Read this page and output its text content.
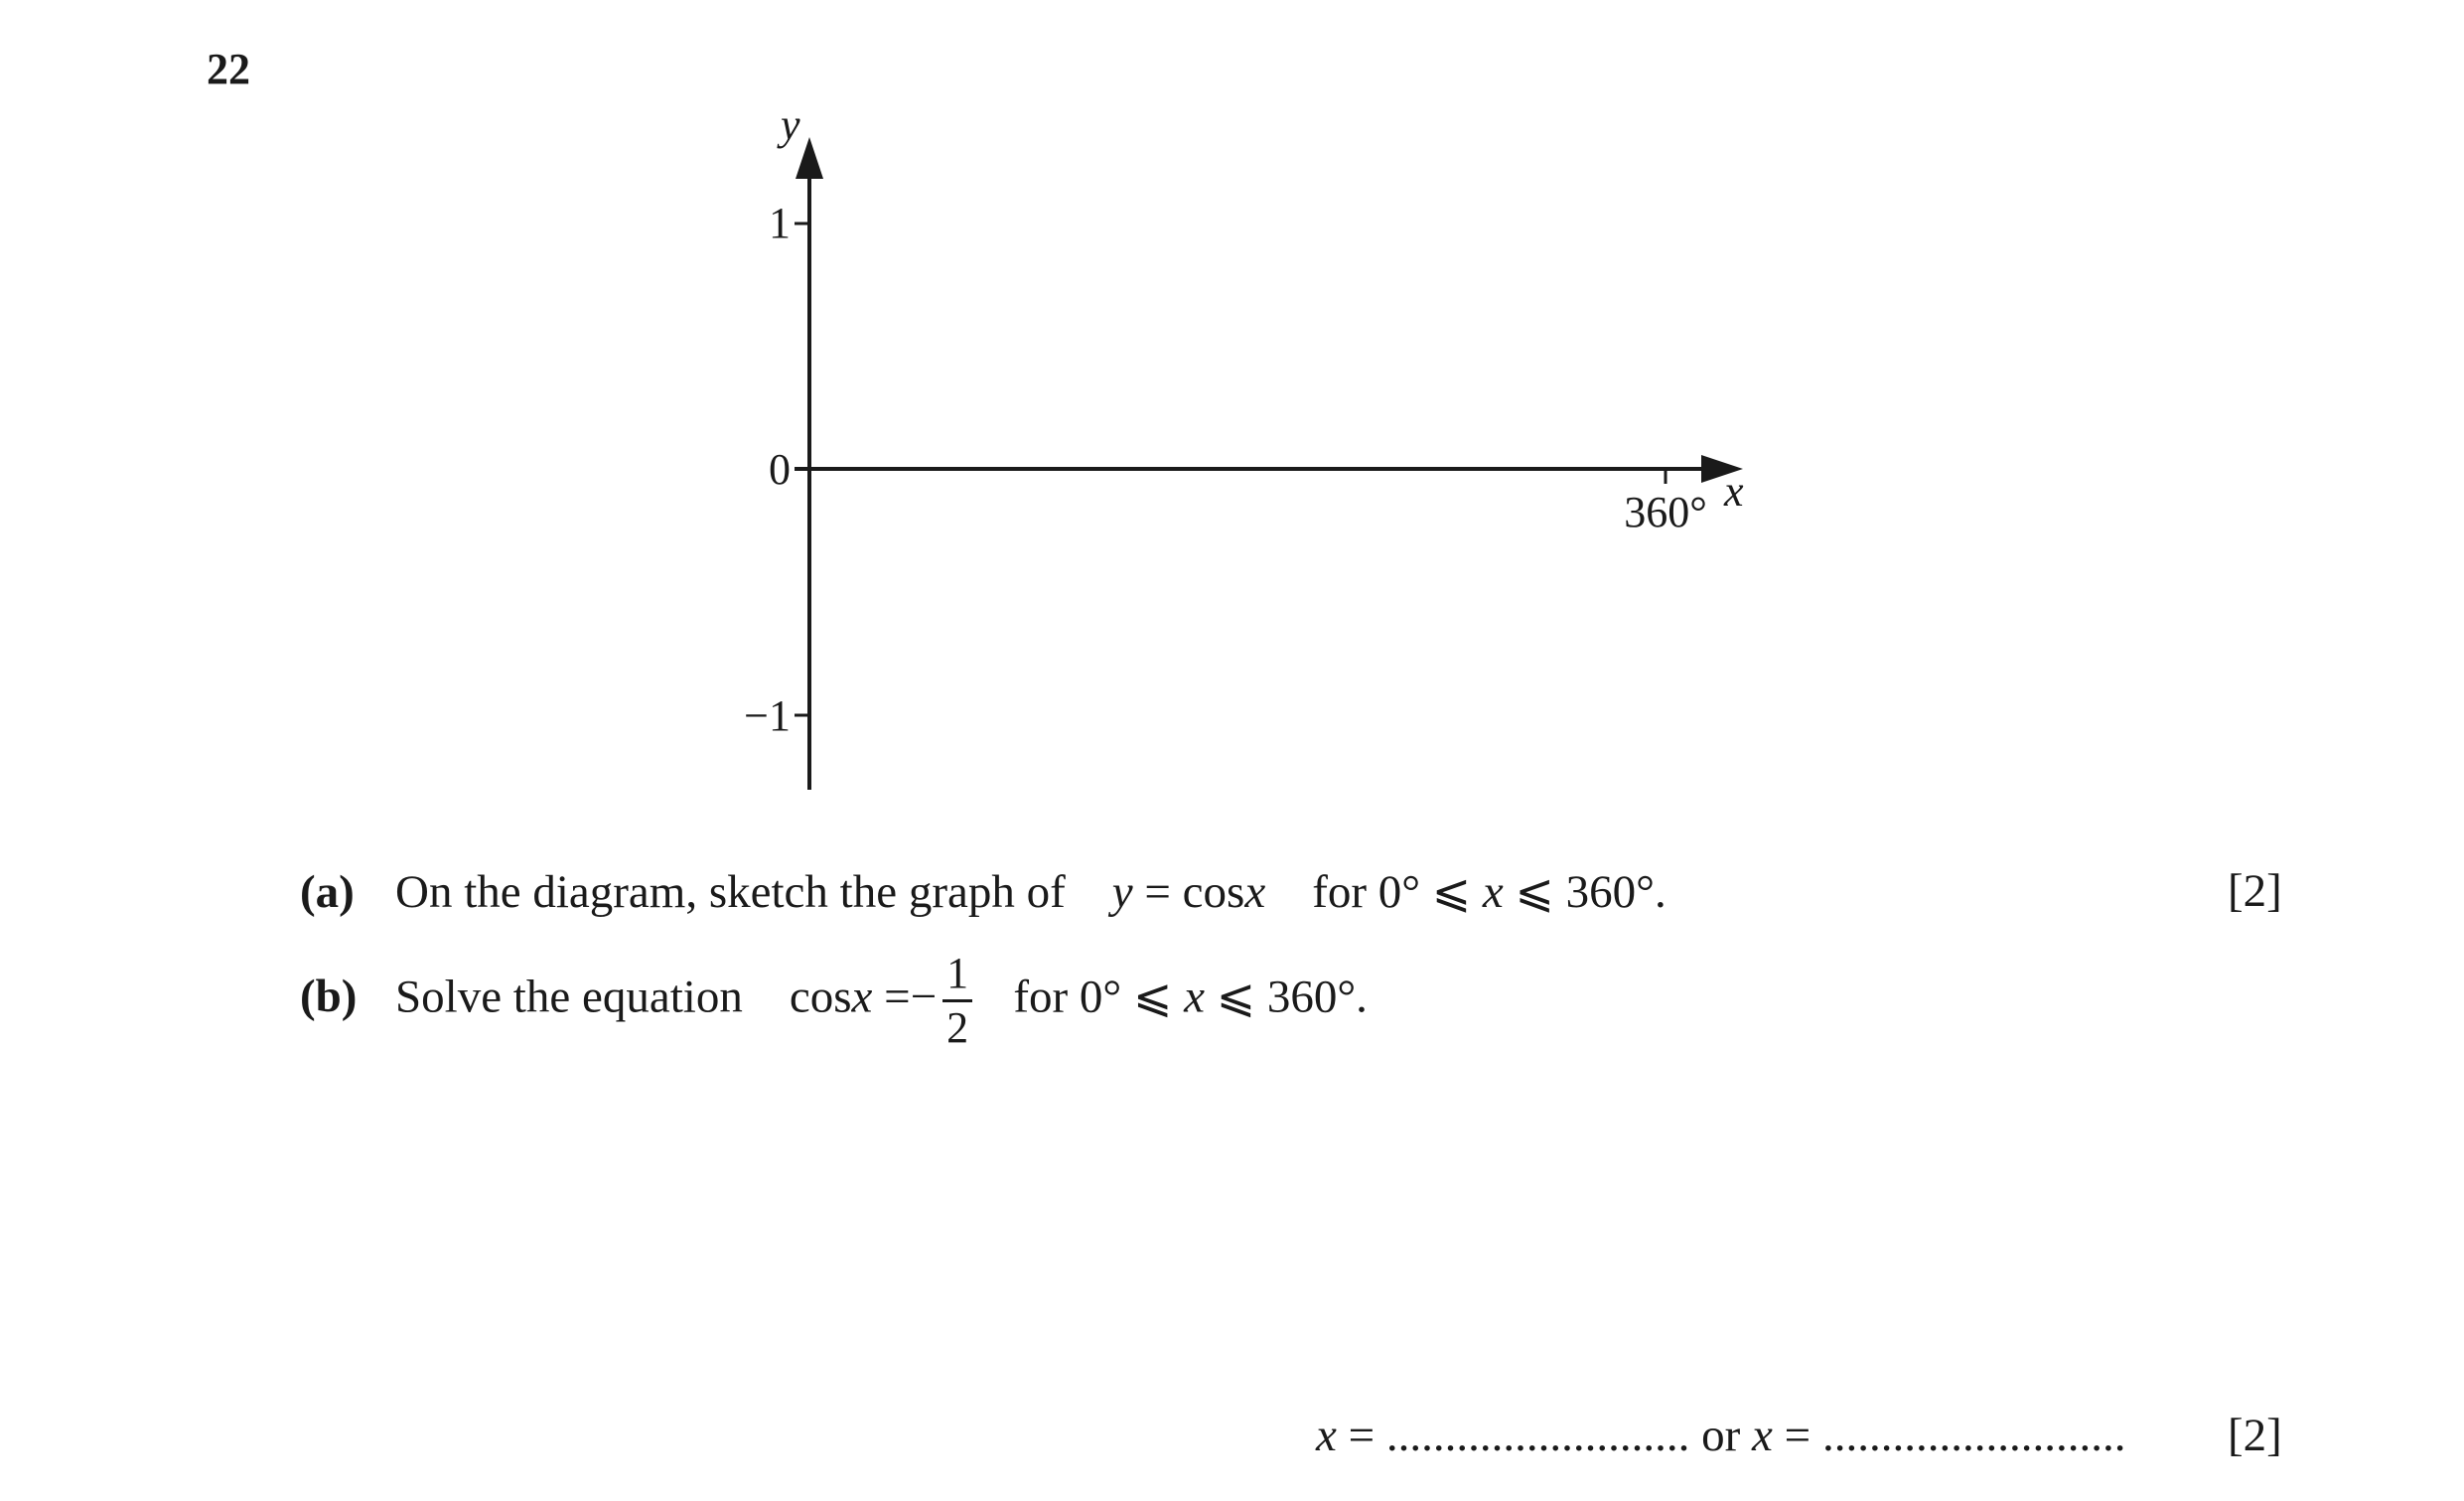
22
y
x
1
0
−1
360°
(a) On the diagram, sketch the graph of y = cosx for 0° ⩽ x ⩽ 360°.	[2]
(b) Solve the equation $\cos x =- \frac{1}{2}$ for 0° ⩽ x ⩽ 360°.
x = .......................... or x = .......................... [2]
